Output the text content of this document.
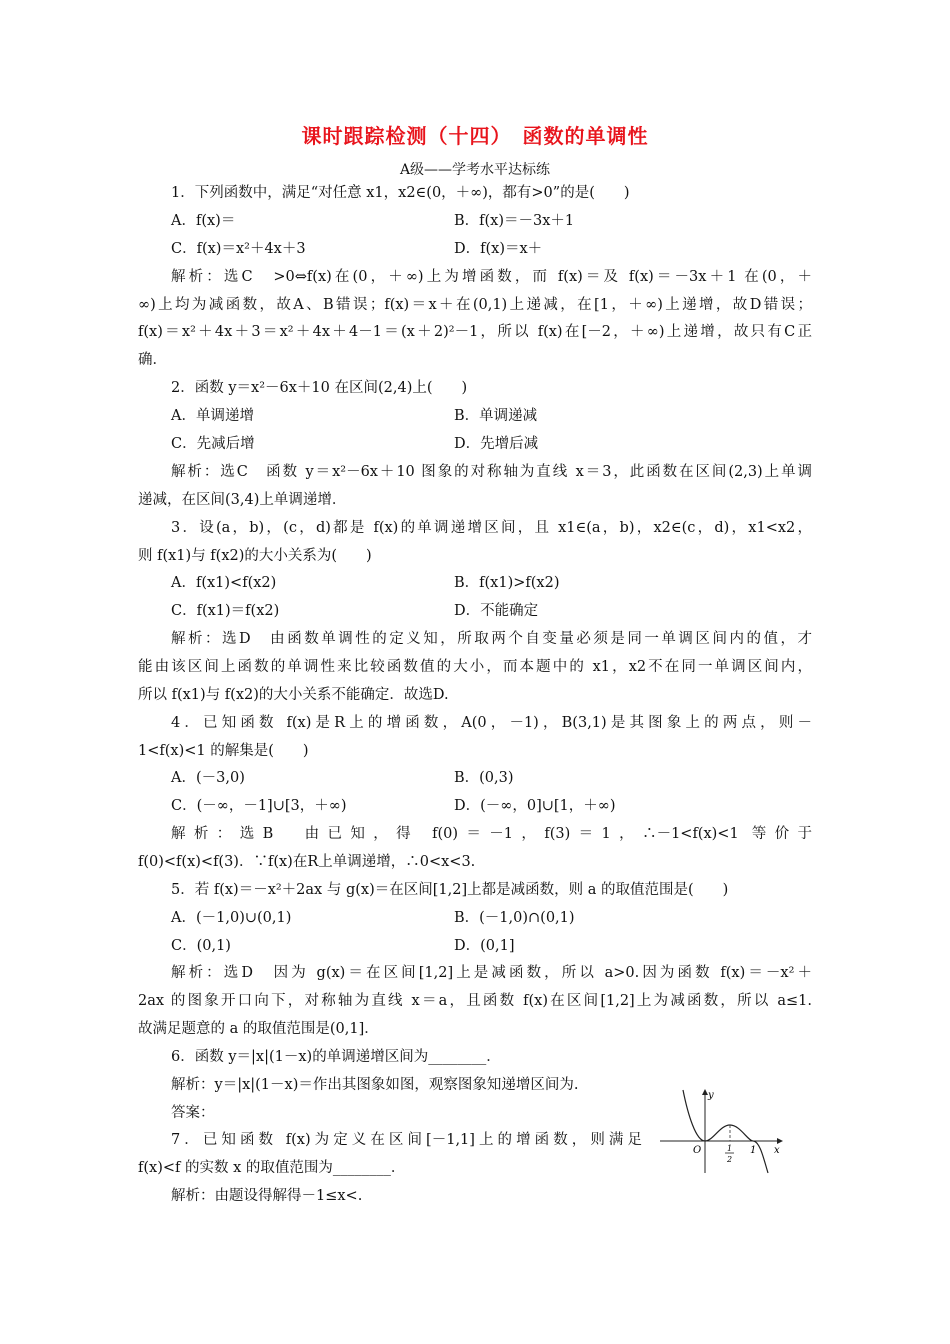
课时跟踪检测（十四）　函数的单调性
A级——学考水平达标练
1．下列函数中，满足“对任意 x1，x2∈(0，＋∞)，都有>0”的是(　　)
A．f(x)＝	B．f(x)＝－3x＋1
C．f(x)＝x²＋4x＋3	D．f(x)＝x＋
解析：选C　>0⇔f(x)在(0，＋∞)上为增函数，而 f(x)＝及 f(x)＝－3x＋1 在(0，＋
∞)上均为减函数，故A、B错误；f(x)＝x＋在(0,1)上递减，在[1，＋∞)上递增，故D错误；
f(x)＝x²＋4x＋3＝x²＋4x＋4－1＝(x＋2)²－1，所以 f(x)在[－2，＋∞)上递增，故只有C正
确．
2．函数 y＝x²－6x＋10 在区间(2,4)上(　　)
A．单调递增	B．单调递减
C．先减后增	D．先增后减
解析：选C　函数 y＝x²－6x＋10 图象的对称轴为直线 x＝3，此函数在区间(2,3)上单调
递减，在区间(3,4)上单调递增．
3．设(a，b)，(c，d)都是 f(x)的单调递增区间，且 x1∈(a，b)，x2∈(c，d)，x1<x2，
则 f(x1)与 f(x2)的大小关系为(　　)
A．f(x1)<f(x2)	B．f(x1)>f(x2)
C．f(x1)＝f(x2)	D．不能确定
解析：选D　由函数单调性的定义知，所取两个自变量必须是同一单调区间内的值，才
能由该区间上函数的单调性来比较函数值的大小，而本题中的 x1，x2不在同一单调区间内，
所以 f(x1)与 f(x2)的大小关系不能确定．故选D.
4．已知函数 f(x)是R上的增函数，A(0，－1)，B(3,1)是其图象上的两点，则－
1<f(x)<1 的解集是(　　)
A．(－3,0)	B．(0,3)
C．(－∞，－1]∪[3，＋∞)	D．(－∞，0]∪[1，＋∞)
解析：选B　由已知，得 f(0)＝－1，f(3)＝1，∴－1<f(x)<1 等价于
f(0)<f(x)<f(3)．∵f(x)在R上单调递增，∴0<x<3.
5．若 f(x)＝－x²＋2ax 与 g(x)＝在区间[1,2]上都是减函数，则 a 的取值范围是(　　)
A．(－1,0)∪(0,1)	B．(－1,0)∩(0,1)
C．(0,1)	D．(0,1]
解析：选D　因为 g(x)＝在区间[1,2]上是减函数，所以 a>0.因为函数 f(x)＝－x²＋
2ax 的图象开口向下，对称轴为直线 x＝a，且函数 f(x)在区间[1,2]上为减函数，所以 a≤1.
故满足题意的 a 的取值范围是(0,1]．
6．函数 y＝|x|(1－x)的单调递增区间为________．
解析：y＝|x|(1－x)＝作出其图象如图，观察图象知递增区间为.
答案：
7．已知函数 f(x)为定义在区间[－1,1]上的增函数，则满足
f(x)<f 的实数 x 的取值范围为________．
解析：由题设得解得－1≤x<.
y
x
O	1
2
1
